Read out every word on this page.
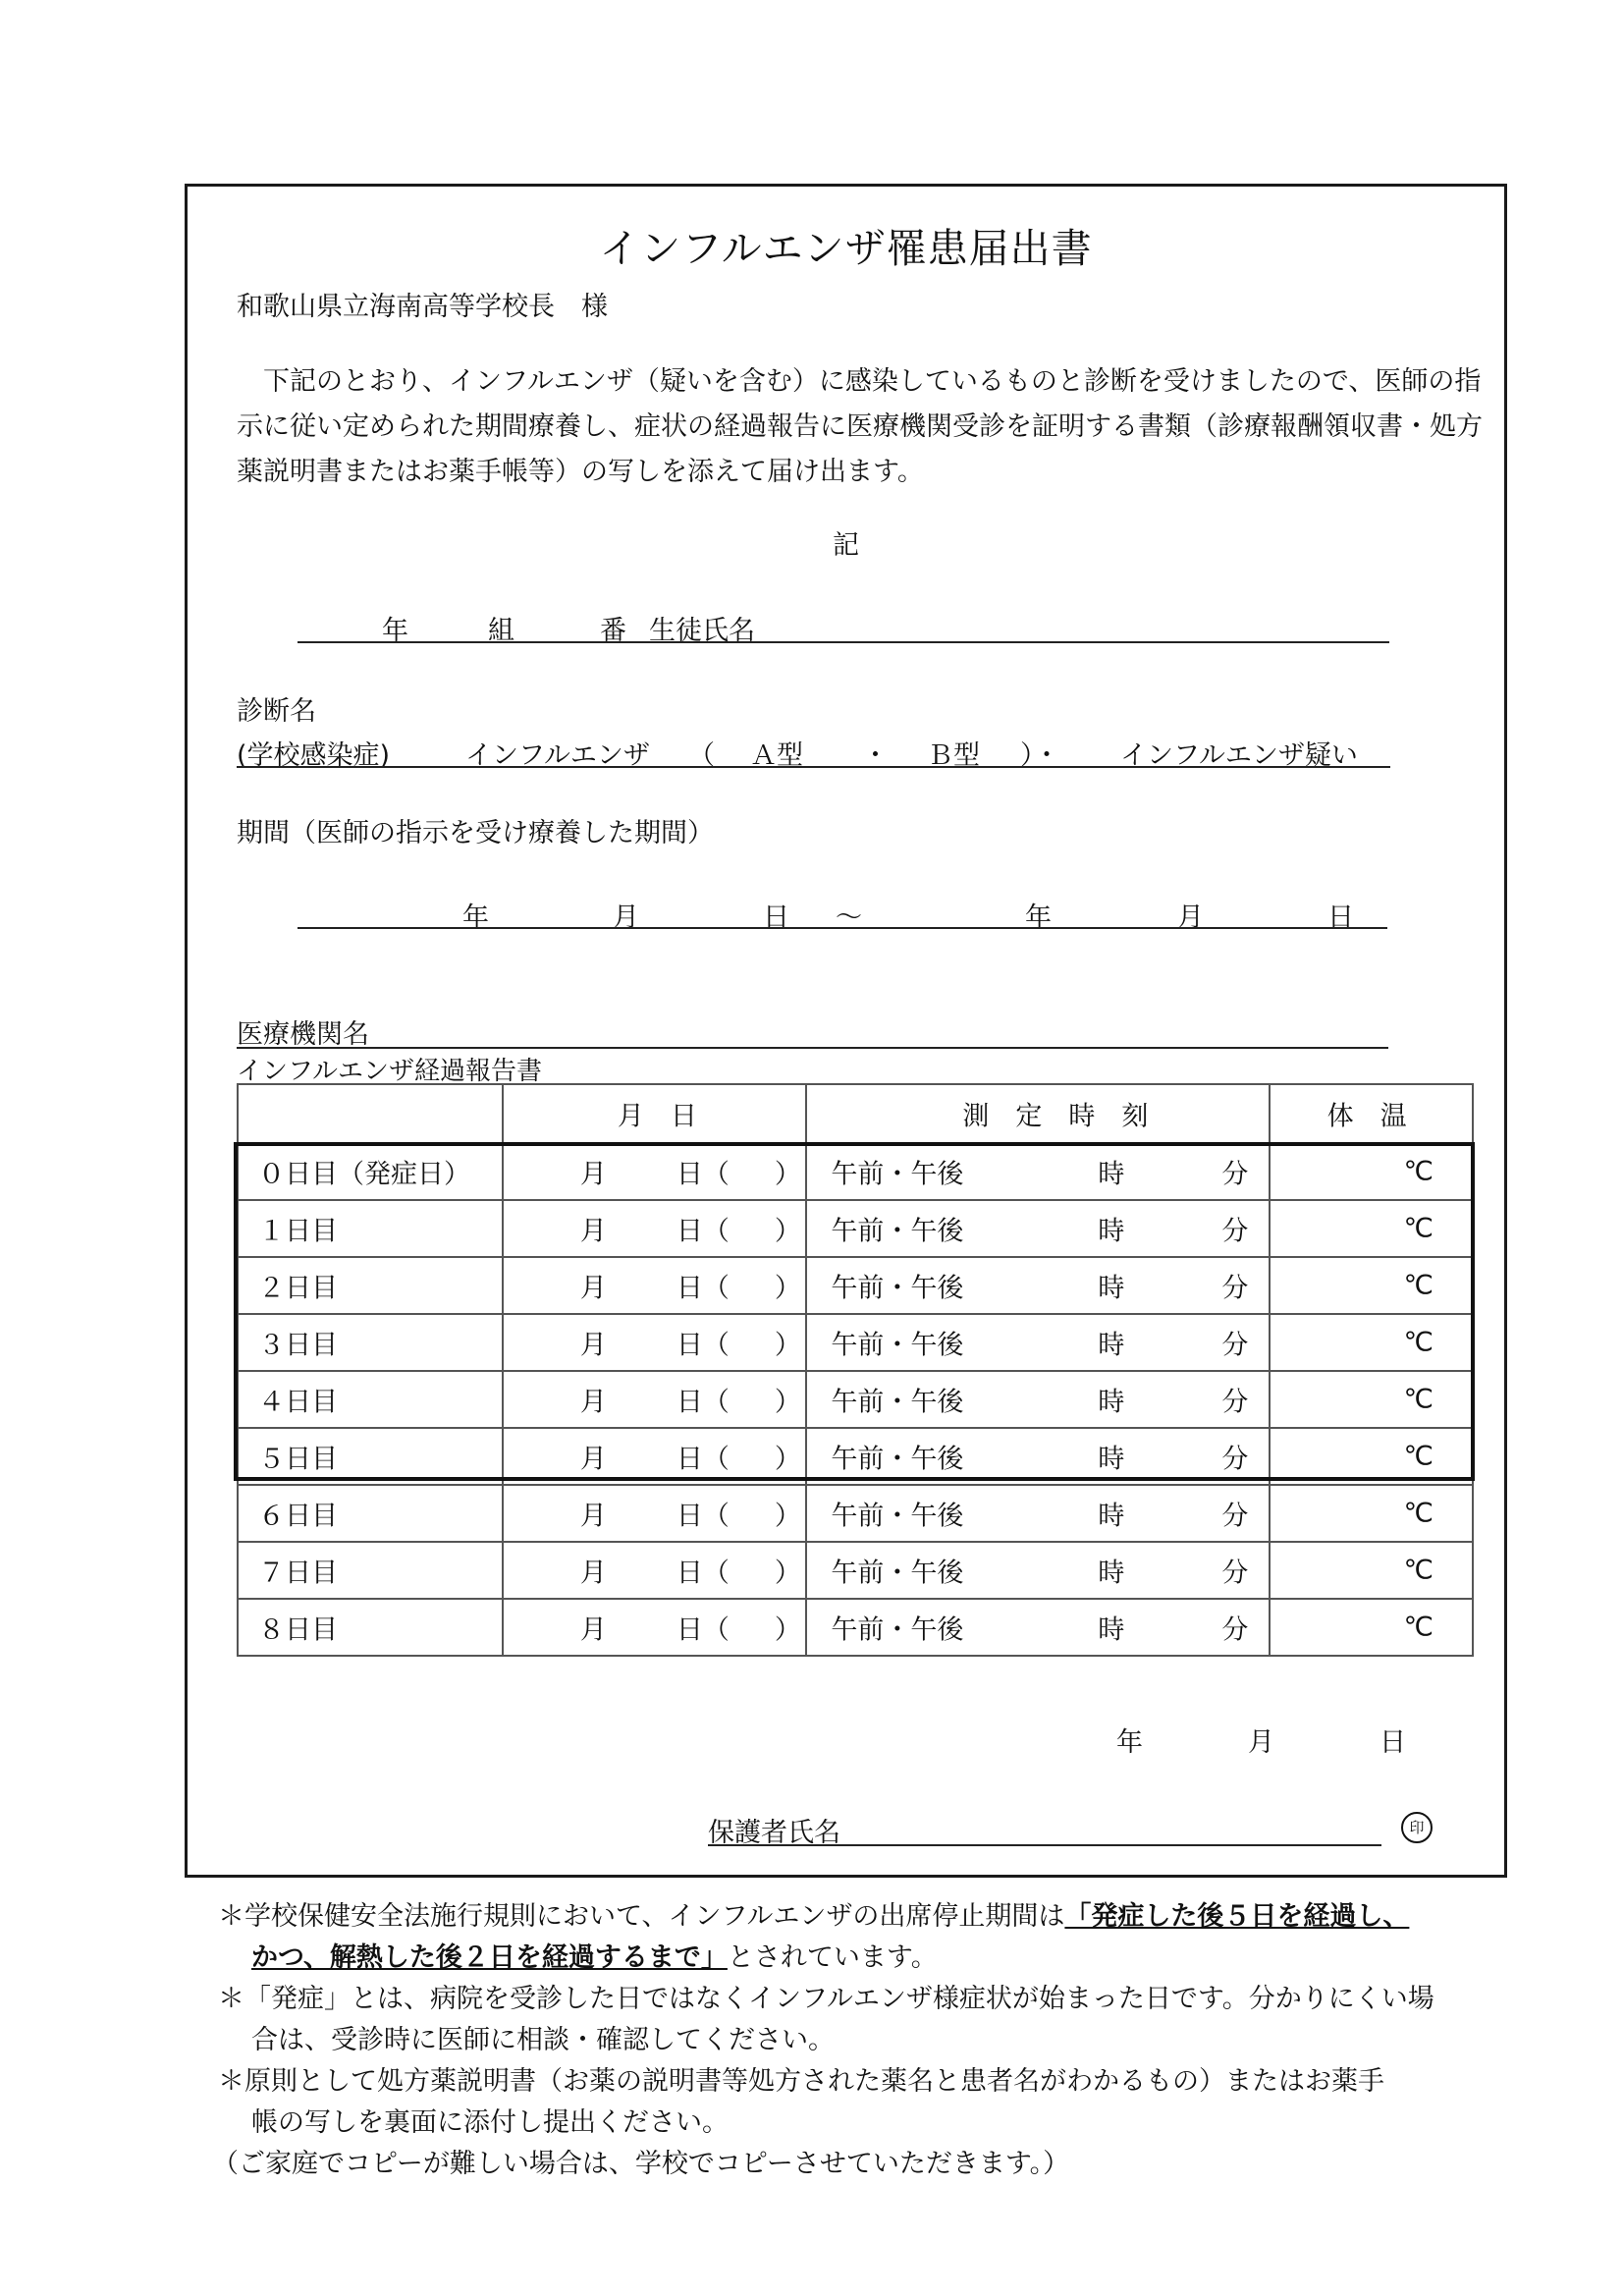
インフルエンザ罹患届出書
和歌山県立海南高等学校長　様
下記のとおり、インフルエンザ（疑いを含む）に感染しているものと診断を受けましたので、医師の指示に従い定められた期間療養し、症状の経過報告に医療機関受診を証明する書類（診療報酬領収書・処方薬説明書またはお薬手帳等）の写しを添えて届け出ます。
記
年	組	番 生徒氏名
診断名
(学校感染症)	インフルエンザ （ Ａ型 ・ Ｂ型 ）・ インフルエンザ疑い
期間（医師の指示を受け療養した期間）
年	月	日 ～	年	月	日
医療機関名
インフルエンザ経過報告書

	月　日	測　定　時　刻	体　温

０日目（発症日）	月 日（ ）	午前・午後 時 分	℃

１日目	月 日（ ）	午前・午後 時 分	℃

２日目	月 日（ ）	午前・午後 時 分	℃

３日目	月 日（ ）	午前・午後 時 分	℃

４日目	月 日（ ）	午前・午後 時 分	℃

５日目	月 日（ ）	午前・午後 時 分	℃

６日目	月 日（ ）	午前・午後 時 分	℃

７日目	月 日（ ）	午前・午後 時 分	℃

８日目	月 日（ ）	午前・午後 時 分	℃
年	月	日
保護者氏名	印
＊学校保健安全法施行規則において、インフルエンザの出席停止期間は「発症した後５日を経過し、
かつ、解熱した後２日を経過するまで」とされています。
＊「発症」とは、病院を受診した日ではなくインフルエンザ様症状が始まった日です。分かりにくい場
合は、受診時に医師に相談・確認してください。
＊原則として処方薬説明書（お薬の説明書等処方された薬名と患者名がわかるもの）またはお薬手
帳の写しを裏面に添付し提出ください。
（ご家庭でコピーが難しい場合は、学校でコピーさせていただきます。）
